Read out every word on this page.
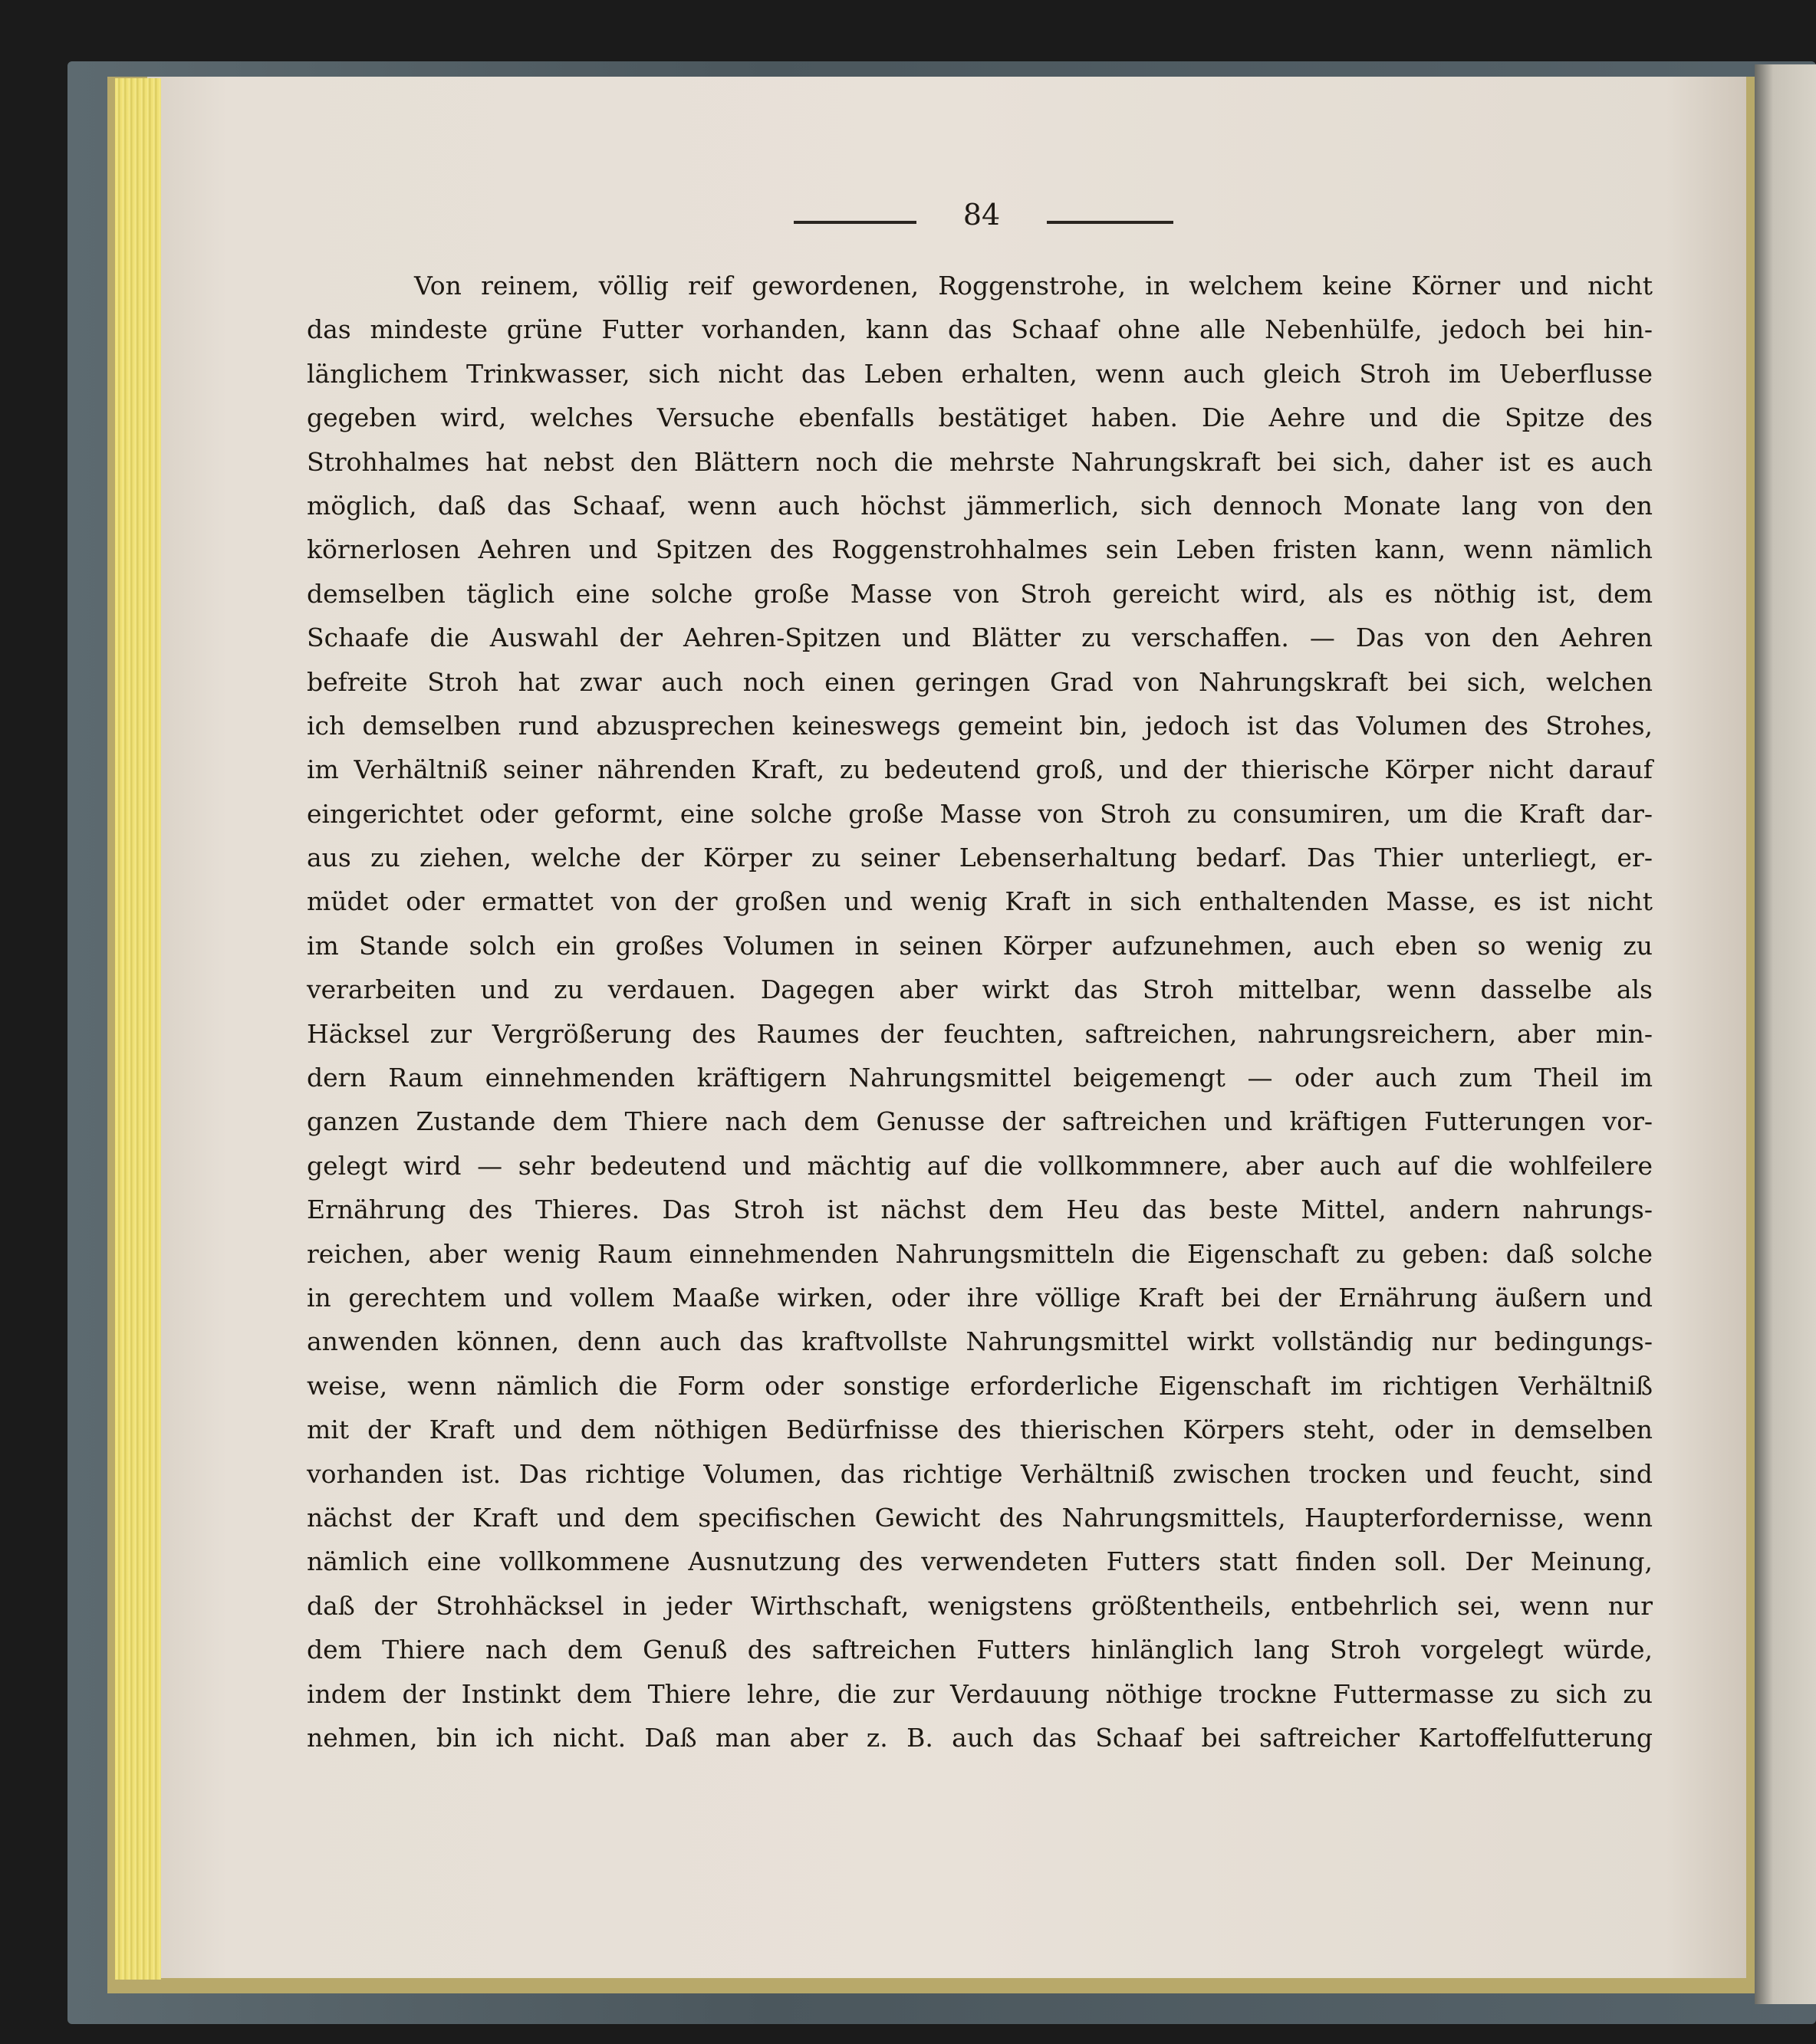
84
Von reinem, völlig reif gewordenen, Roggenstrohe, in welchem keine Körner und nicht
das mindeste grüne Futter vorhanden, kann das Schaaf ohne alle Nebenhülfe, jedoch bei hin-
länglichem Trinkwasser, sich nicht das Leben erhalten, wenn auch gleich Stroh im Ueberflusse
gegeben wird, welches Versuche ebenfalls bestätiget haben. Die Aehre und die Spitze des
Strohhalmes hat nebst den Blättern noch die mehrste Nahrungskraft bei sich, daher ist es auch
möglich, daß das Schaaf, wenn auch höchst jämmerlich, sich dennoch Monate lang von den
körnerlosen Aehren und Spitzen des Roggenstrohhalmes sein Leben fristen kann, wenn nämlich
demselben täglich eine solche große Masse von Stroh gereicht wird, als es nöthig ist, dem
Schaafe die Auswahl der Aehren-Spitzen und Blätter zu verschaffen. — Das von den Aehren
befreite Stroh hat zwar auch noch einen geringen Grad von Nahrungskraft bei sich, welchen
ich demselben rund abzusprechen keineswegs gemeint bin, jedoch ist das Volumen des Strohes,
im Verhältniß seiner nährenden Kraft, zu bedeutend groß, und der thierische Körper nicht darauf
eingerichtet oder geformt, eine solche große Masse von Stroh zu consumiren, um die Kraft dar-
aus zu ziehen, welche der Körper zu seiner Lebenserhaltung bedarf. Das Thier unterliegt, er-
müdet oder ermattet von der großen und wenig Kraft in sich enthaltenden Masse, es ist nicht
im Stande solch ein großes Volumen in seinen Körper aufzunehmen, auch eben so wenig zu
verarbeiten und zu verdauen. Dagegen aber wirkt das Stroh mittelbar, wenn dasselbe als
Häcksel zur Vergrößerung des Raumes der feuchten, saftreichen, nahrungsreichern, aber min-
dern Raum einnehmenden kräftigern Nahrungsmittel beigemengt — oder auch zum Theil im
ganzen Zustande dem Thiere nach dem Genusse der saftreichen und kräftigen Futterungen vor-
gelegt wird — sehr bedeutend und mächtig auf die vollkommnere, aber auch auf die wohlfeilere
Ernährung des Thieres. Das Stroh ist nächst dem Heu das beste Mittel, andern nahrungs-
reichen, aber wenig Raum einnehmenden Nahrungsmitteln die Eigenschaft zu geben: daß solche
in gerechtem und vollem Maaße wirken, oder ihre völlige Kraft bei der Ernährung äußern und
anwenden können, denn auch das kraftvollste Nahrungsmittel wirkt vollständig nur bedingungs-
weise, wenn nämlich die Form oder sonstige erforderliche Eigenschaft im richtigen Verhältniß
mit der Kraft und dem nöthigen Bedürfnisse des thierischen Körpers steht, oder in demselben
vorhanden ist. Das richtige Volumen, das richtige Verhältniß zwischen trocken und feucht, sind
nächst der Kraft und dem specifischen Gewicht des Nahrungsmittels, Haupterfordernisse, wenn
nämlich eine vollkommene Ausnutzung des verwendeten Futters statt finden soll. Der Meinung,
daß der Strohhäcksel in jeder Wirthschaft, wenigstens größtentheils, entbehrlich sei, wenn nur
dem Thiere nach dem Genuß des saftreichen Futters hinlänglich lang Stroh vorgelegt würde,
indem der Instinkt dem Thiere lehre, die zur Verdauung nöthige trockne Futtermasse zu sich zu
nehmen, bin ich nicht. Daß man aber z. B. auch das Schaaf bei saftreicher Kartoffelfutterung
